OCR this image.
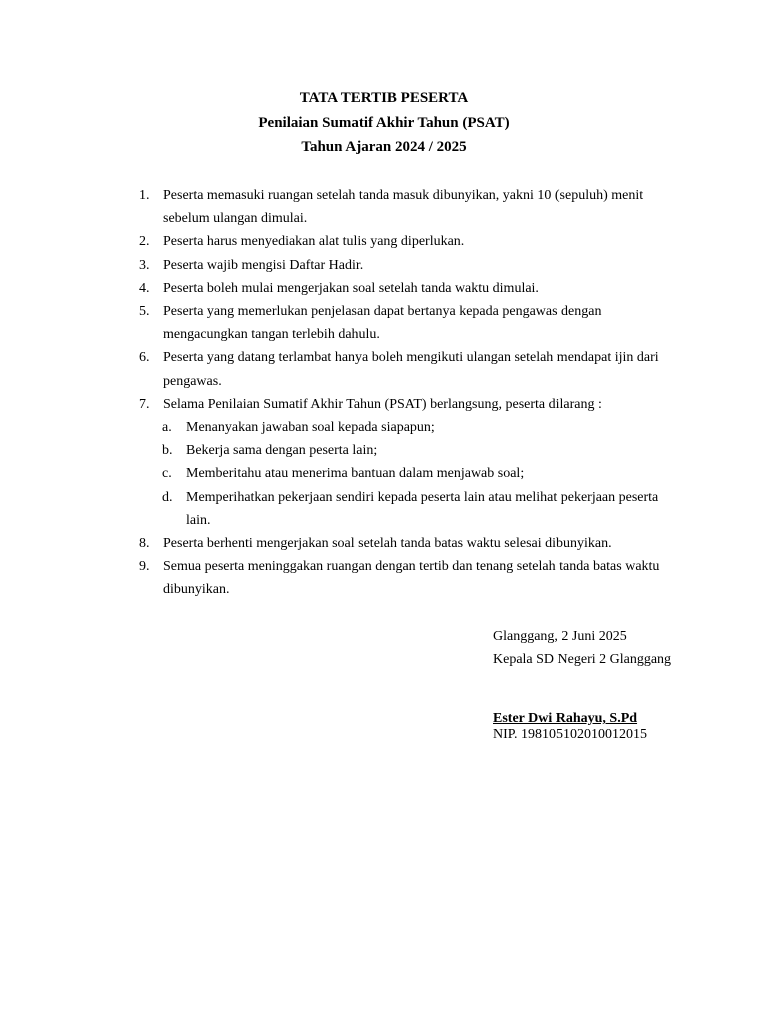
TATA TERTIB PESERTA
Penilaian Sumatif Akhir Tahun (PSAT)
Tahun Ajaran 2024 / 2025
1. Peserta memasuki ruangan setelah tanda masuk dibunyikan, yakni 10 (sepuluh) menit sebelum ulangan dimulai.
2. Peserta harus menyediakan alat tulis yang diperlukan.
3. Peserta wajib mengisi Daftar Hadir.
4. Peserta boleh mulai mengerjakan soal setelah tanda waktu dimulai.
5. Peserta yang memerlukan penjelasan dapat bertanya kepada pengawas dengan mengacungkan tangan terlebih dahulu.
6. Peserta yang datang terlambat hanya boleh mengikuti ulangan setelah mendapat ijin dari pengawas.
7. Selama Penilaian Sumatif Akhir Tahun (PSAT) berlangsung, peserta dilarang :
a. Menanyakan jawaban soal kepada siapapun;
b. Bekerja sama dengan peserta lain;
c. Memberitahu atau menerima bantuan dalam menjawab soal;
d. Memperihatkan pekerjaan sendiri kepada peserta lain atau melihat pekerjaan peserta lain.
8. Peserta berhenti mengerjakan soal setelah tanda batas waktu selesai dibunyikan.
9. Semua peserta meninggakan ruangan dengan tertib dan tenang setelah tanda batas waktu dibunyikan.
Glanggang, 2 Juni 2025
Kepala SD Negeri 2 Glanggang
Ester Dwi Rahayu, S.Pd
NIP. 198105102010012015
